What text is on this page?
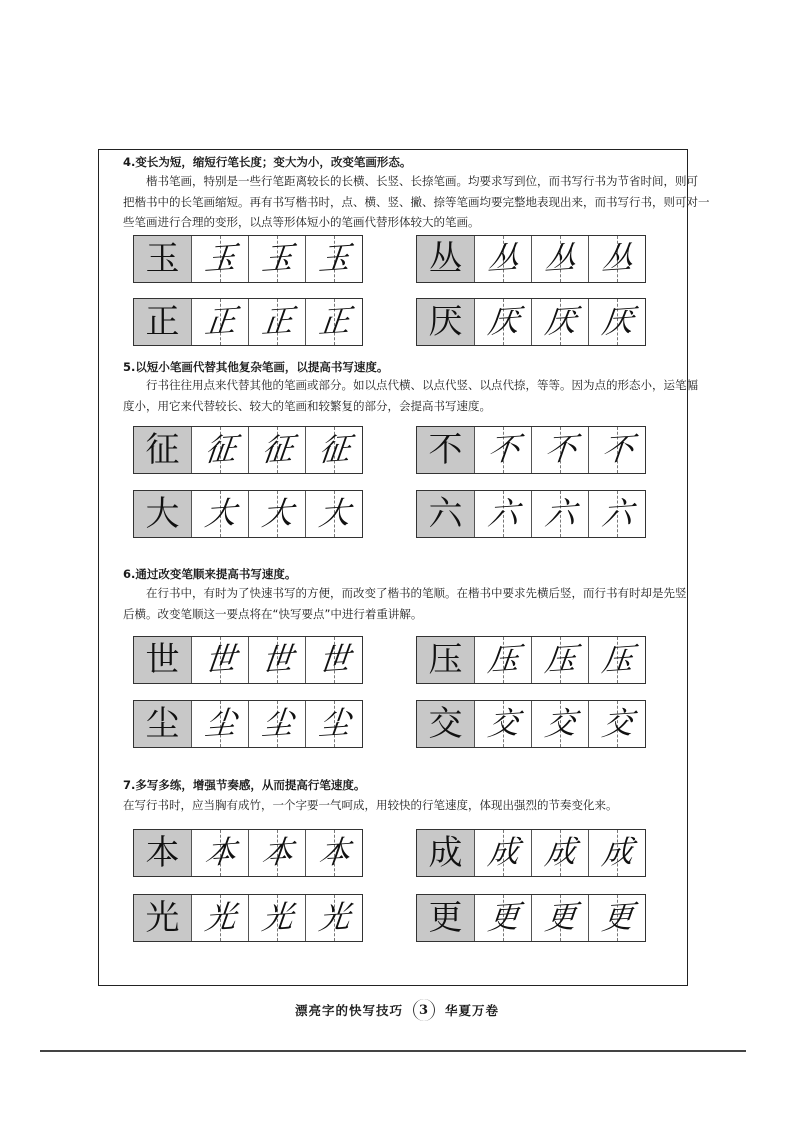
4.变长为短，缩短行笔长度；变大为小，改变笔画形态。
楷书笔画，特别是一些行笔距离较长的长横、长竖、长捺笔画。均要求写到位，而书写行书为节省时间，则可
把楷书中的长笔画缩短。再有书写楷书时，点、横、竖、撇、捺等笔画均要完整地表现出来，而书写行书，则可对一
些笔画进行合理的变形，以点等形体短小的笔画代替形体较大的笔画。
5.以短小笔画代替其他复杂笔画，以提高书写速度。
行书往往用点来代替其他的笔画或部分。如以点代横、以点代竖、以点代捺，等等。因为点的形态小，运笔幅
度小，用它来代替较长、较大的笔画和较繁复的部分，会提高书写速度。
6.通过改变笔顺来提高书写速度。
在行书中，有时为了快速书写的方便，而改变了楷书的笔顺。在楷书中要求先横后竖，而行书有时却是先竖
后横。改变笔顺这一要点将在“快写要点”中进行着重讲解。
7.多写多练，增强节奏感，从而提高行笔速度。
在写行书时，应当胸有成竹，一个字要一气呵成，用较快的行笔速度，体现出强烈的节奏变化来。
玉 玉 玉 玉 丛 丛 丛 丛
正 正 正 正 厌 厌 厌 厌
征 征 征 征 不 不 不 不
大 大 大 大 六 六 六 六
世 世 世 世 压 压 压 压
尘 尘 尘 尘 交 交 交 交
本 本 本 本 成 成 成 成
光 光 光 光 更 更 更 更
漂亮字的快写技巧	3	华夏万卷
